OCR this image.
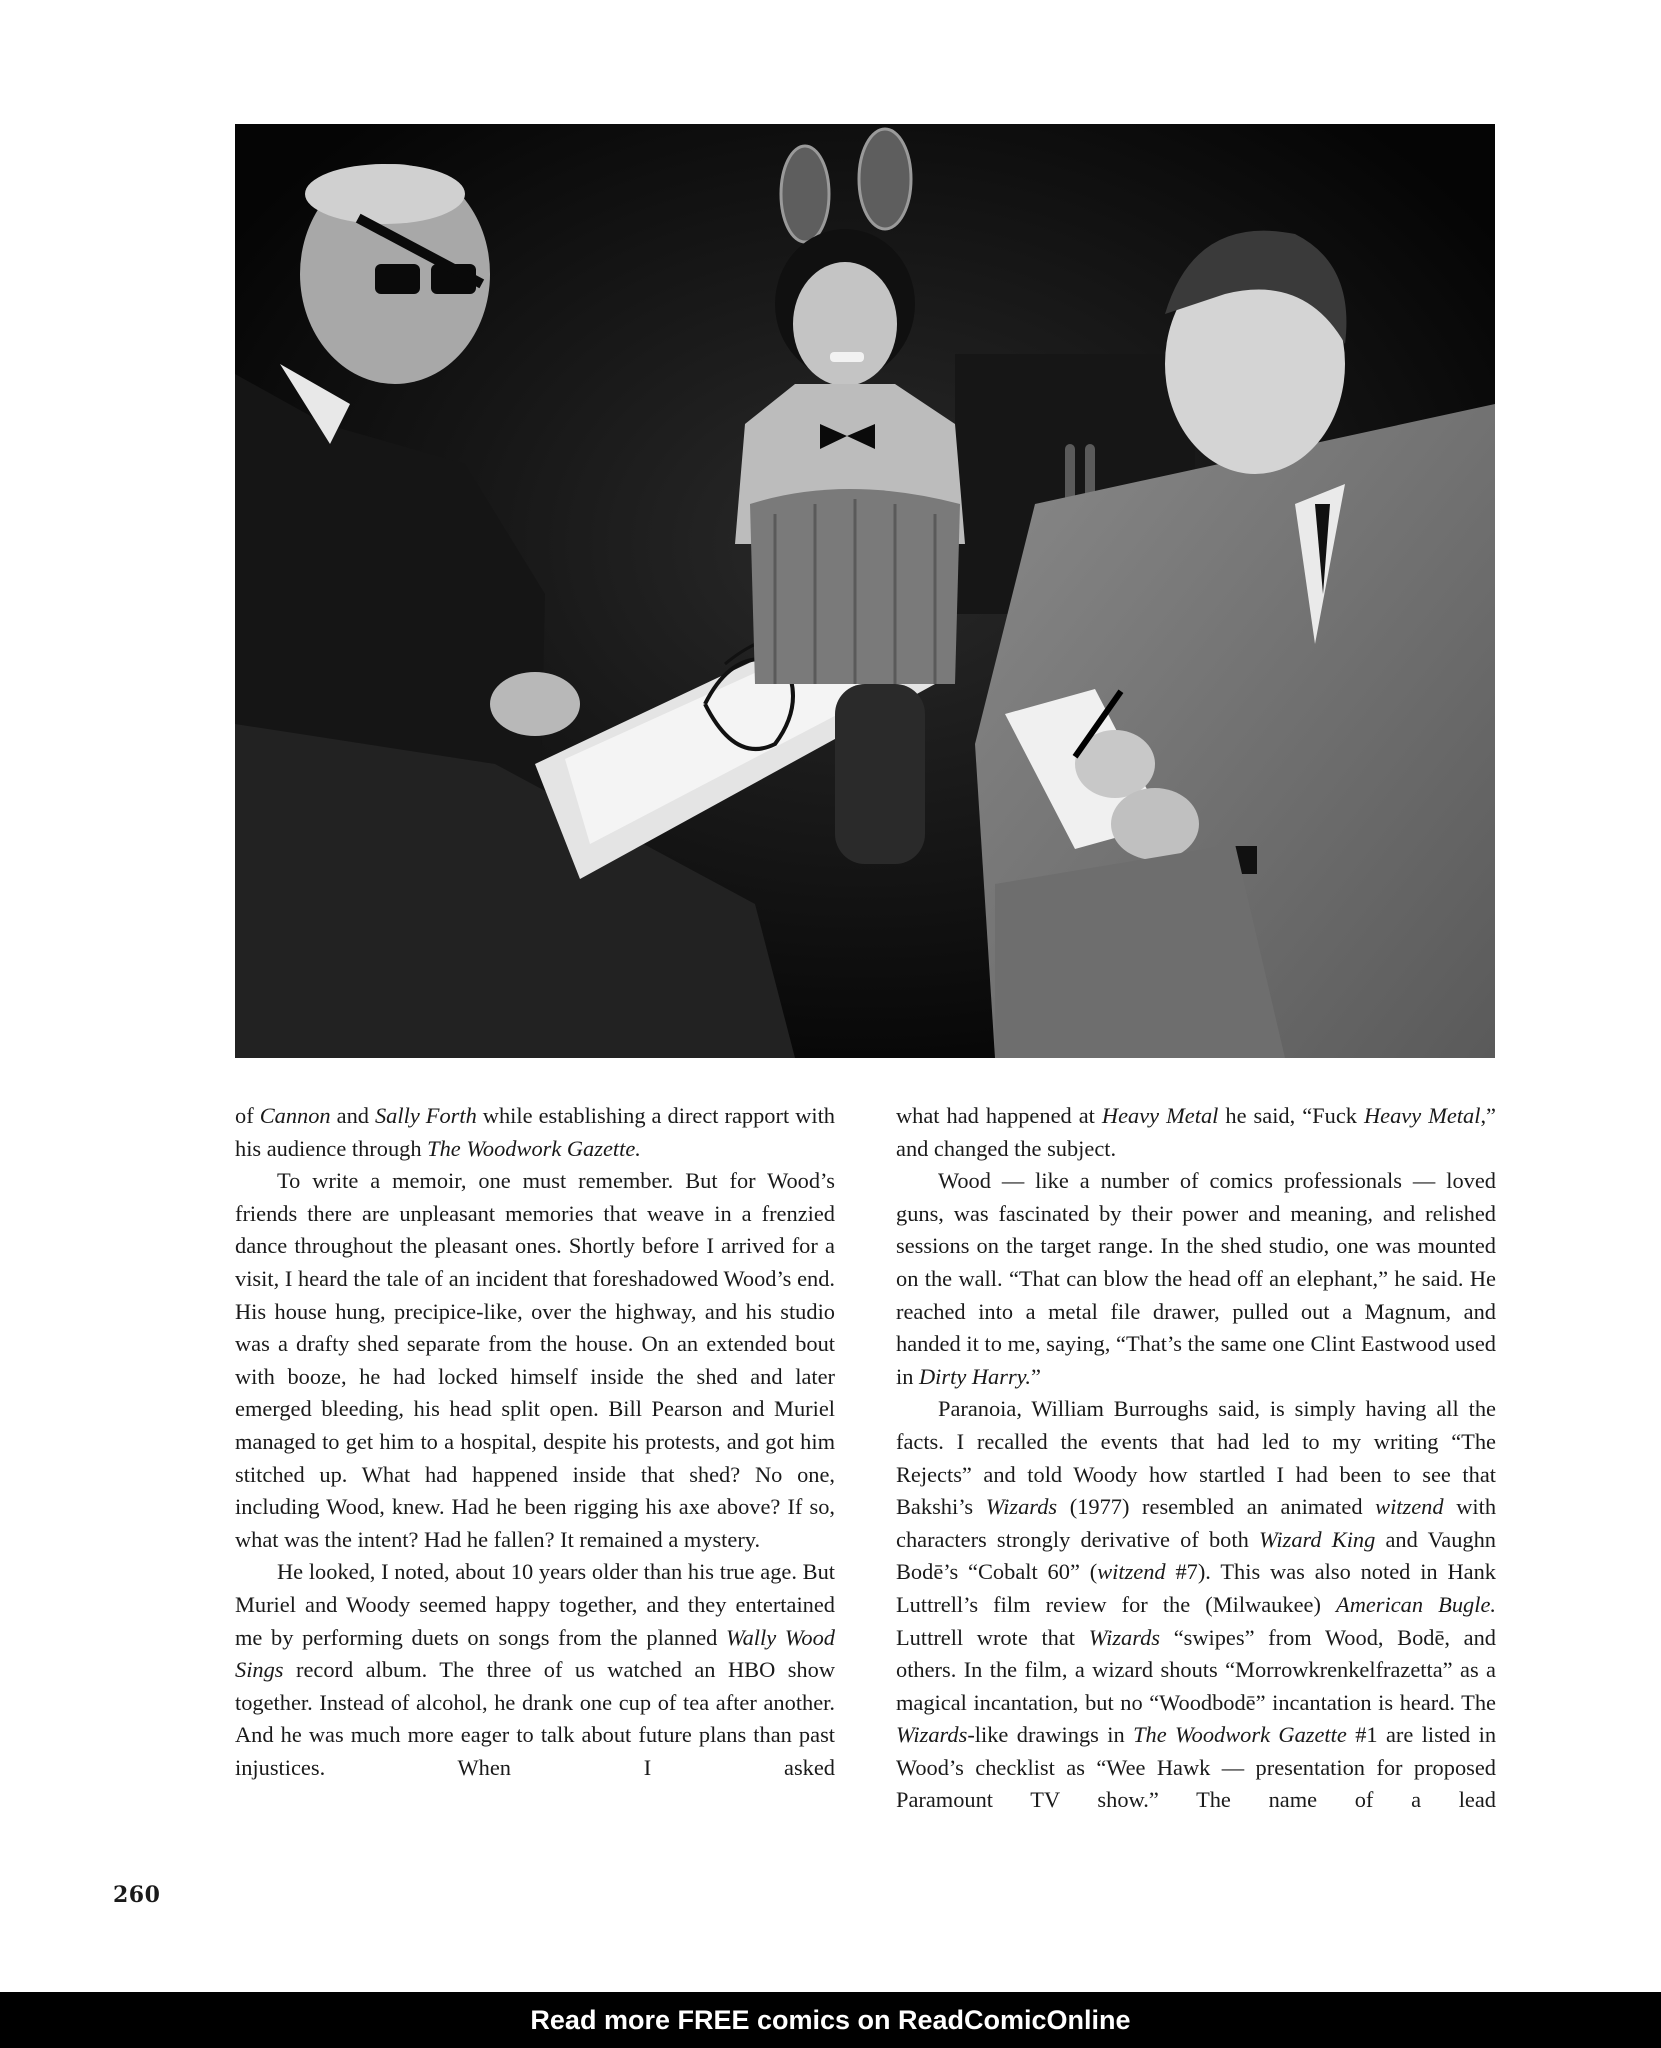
of Cannon and Sally Forth while establishing a direct rapport with his audience through The Woodwork Gazette.

To write a memoir, one must remember. But for Wood’s friends there are unpleasant memories that weave in a frenzied dance throughout the pleasant ones. Shortly before I arrived for a visit, I heard the tale of an incident that foreshadowed Wood’s end. His house hung, precipice-like, over the highway, and his studio was a drafty shed separate from the house. On an extended bout with booze, he had locked himself inside the shed and later emerged bleeding, his head split open. Bill Pearson and Muriel managed to get him to a hospital, despite his protests, and got him stitched up. What had happened inside that shed? No one, including Wood, knew. Had he been rigging his axe above? If so, what was the intent? Had he fallen? It remained a mystery.

He looked, I noted, about 10 years older than his true age. But Muriel and Woody seemed happy together, and they entertained me by performing duets on songs from the planned Wally Wood Sings record album. The three of us watched an HBO show together. Instead of alcohol, he drank one cup of tea after another. And he was much more eager to talk about future plans than past injustices. When I asked

what had happened at Heavy Metal he said, “Fuck Heavy Metal,” and changed the subject.

Wood — like a number of comics professionals — loved guns, was fascinated by their power and meaning, and relished sessions on the target range. In the shed studio, one was mounted on the wall. “That can blow the head off an elephant,” he said. He reached into a metal file drawer, pulled out a Magnum, and handed it to me, saying, “That’s the same one Clint Eastwood used in Dirty Harry.”

Paranoia, William Burroughs said, is simply having all the facts. I recalled the events that had led to my writing “The Rejects” and told Woody how startled I had been to see that Bakshi’s Wizards (1977) resembled an animated witzend with characters strongly derivative of both Wizard King and Vaughn Bodē’s “Cobalt 60” (witzend #7). This was also noted in Hank Luttrell’s film review for the (Milwaukee) American Bugle. Luttrell wrote that Wizards “swipes” from Wood, Bodē, and others. In the film, a wizard shouts “Morrowkrenkelfrazetta” as a magical incantation, but no “Woodbodē” incantation is heard. The Wizards-like drawings in The Woodwork Gazette #1 are listed in Wood’s checklist as “Wee Hawk — presentation for proposed Paramount TV show.” The name of a lead

260
Read more FREE comics on ReadComicOnline
